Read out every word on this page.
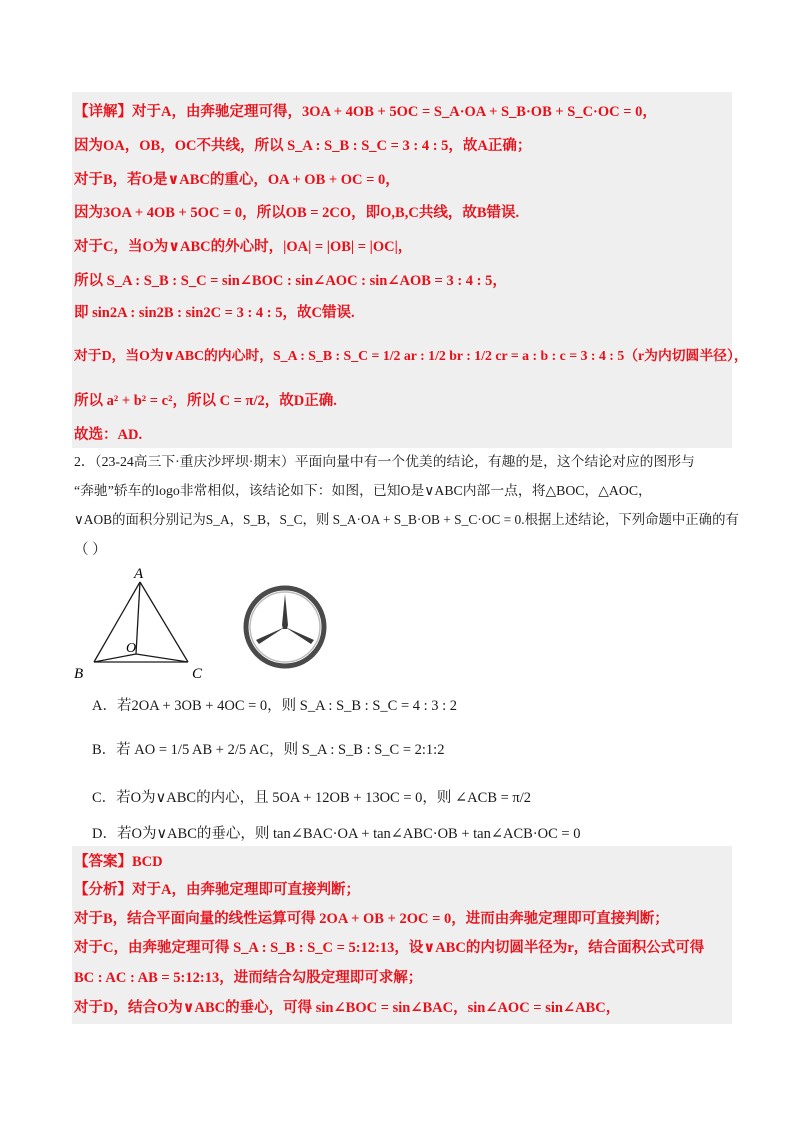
【详解】对于A，由奔驰定理可得，3OA + 4OB + 5OC = S_A·OA + S_B·OB + S_C·OC = 0，
因为OA，OB，OC不共线，所以 S_A : S_B : S_C = 3 : 4 : 5，故A正确；
对于B，若O是∨ABC的重心，OA + OB + OC = 0，
因为3OA + 4OB + 5OC = 0，所以OB = 2CO，即O,B,C共线，故B错误.
对于C，当O为∨ABC的外心时，|OA| = |OB| = |OC|，
所以 S_A : S_B : S_C = sin∠BOC : sin∠AOC : sin∠AOB = 3 : 4 : 5，
即 sin2A : sin2B : sin2C = 3 : 4 : 5，故C错误.
对于D，当O为∨ABC的内心时，S_A : S_B : S_C = 1/2 ar : 1/2 br : 1/2 cr = a : b : c = 3 : 4 : 5（r为内切圆半径），
所以 a² + b² = c²，所以 C = π/2，故D正确.
故选：AD.
2．（23-24高三下·重庆沙坪坝·期末）平面向量中有一个优美的结论，有趣的是，这个结论对应的图形与
“奔驰”轿车的logo非常相似，该结论如下：如图，已知O是∨ABC内部一点，将△BOC，△AOC，
∨AOB的面积分别记为S_A，S_B，S_C，则 S_A·OA + S_B·OB + S_C·OC = 0.根据上述结论，下列命题中正确的有
（ ）
A
B	C
O
A．若2OA + 3OB + 4OC = 0，则 S_A : S_B : S_C = 4 : 3 : 2
B．若 AO = 1/5 AB + 2/5 AC，则 S_A : S_B : S_C = 2:1:2
C．若O为∨ABC的内心，且 5OA + 12OB + 13OC = 0，则 ∠ACB = π/2
D．若O为∨ABC的垂心，则 tan∠BAC·OA + tan∠ABC·OB + tan∠ACB·OC = 0
【答案】BCD
【分析】对于A，由奔驰定理即可直接判断；
对于B，结合平面向量的线性运算可得 2OA + OB + 2OC = 0，进而由奔驰定理即可直接判断；
对于C，由奔驰定理可得 S_A : S_B : S_C = 5:12:13，设∨ABC的内切圆半径为r，结合面积公式可得
BC : AC : AB = 5:12:13，进而结合勾股定理即可求解；
对于D，结合O为∨ABC的垂心，可得 sin∠BOC = sin∠BAC，sin∠AOC = sin∠ABC，
